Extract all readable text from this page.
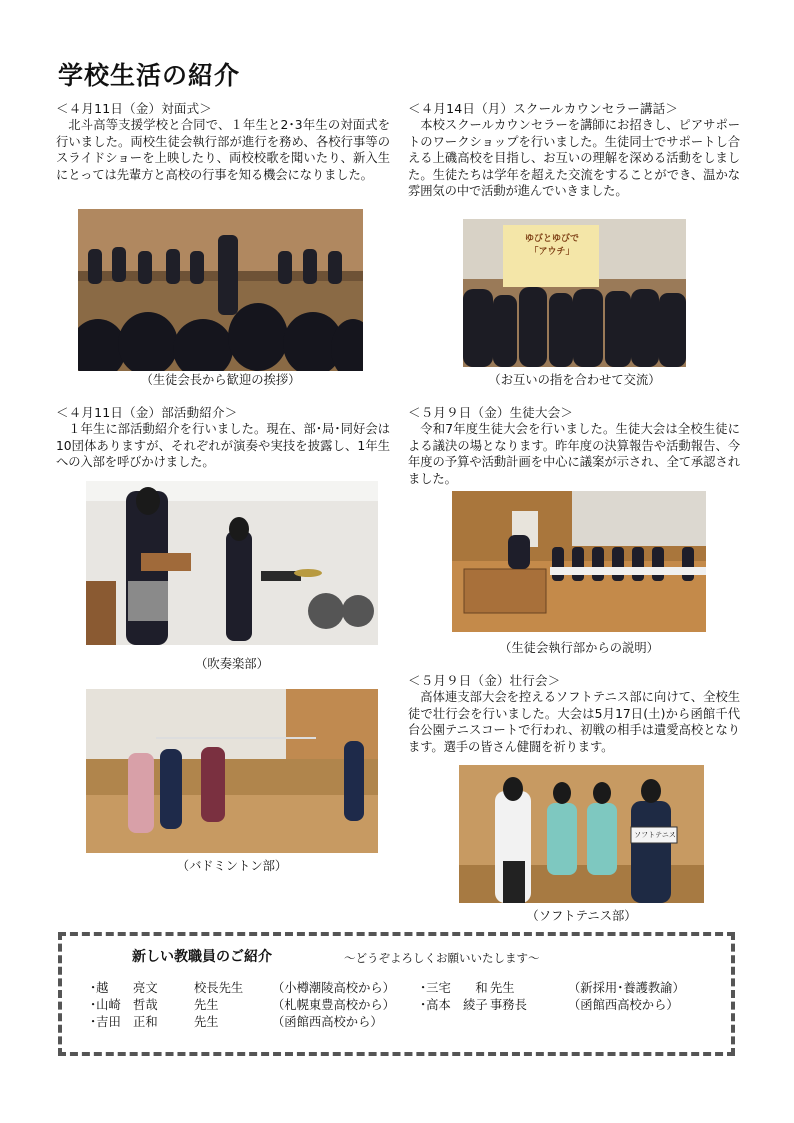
学校生活の紹介
＜４月11日（金）対面式＞
北斗高等支援学校と合同で、１年生と2･3年生の対面式を行いました。両校生徒会執行部が進行を務め、各校行事等のスライドショーを上映したり、両校校歌を聞いたり、新入生にとっては先輩方と高校の行事を知る機会になりました。
（生徒会長から歓迎の挨拶）
＜４月11日（金）部活動紹介＞
１年生に部活動紹介を行いました。現在、部･局･同好会は10団体ありますが、それぞれが演奏や実技を披露し、1年生への入部を呼びかけました。
（吹奏楽部）
（バドミントン部）
＜４月14日（月）スクールカウンセラー講話＞
本校スクールカウンセラーを講師にお招きし、ピアサポートのワークショップを行いました。生徒同士でサポートし合える上磯高校を目指し、お互いの理解を深める活動をしました。生徒たちは学年を超えた交流をすることができ、温かな雰囲気の中で活動が進んでいきました。
ゆびとゆびで
「アウチ」
（お互いの指を合わせて交流）
＜５月９日（金）生徒大会＞
令和7年度生徒大会を行いました。生徒大会は全校生徒による議決の場となります。昨年度の決算報告や活動報告、今年度の予算や活動計画を中心に議案が示され、全て承認されました。
（生徒会執行部からの説明）
＜５月９日（金）壮行会＞
高体連支部大会を控えるソフトテニス部に向けて、全校生徒で壮行会を行いました。大会は5月17日(土)から函館千代台公園テニスコートで行われ、初戦の相手は遺愛高校となります。選手の皆さん健闘を祈ります。
ソフトテニス
（ソフトテニス部）
新しい教職員のご紹介	～どうぞよろしくお願いいたします～
･越　　亮文	校長先生	（小樽潮陵高校から）
･山崎　哲哉	先生	（札幌東豊高校から）
･吉田　正和	先生	（函館西高校から）
･三宅　　和 先生	（新採用･養護教諭）
･高本　綾子 事務長	（函館西高校から）
